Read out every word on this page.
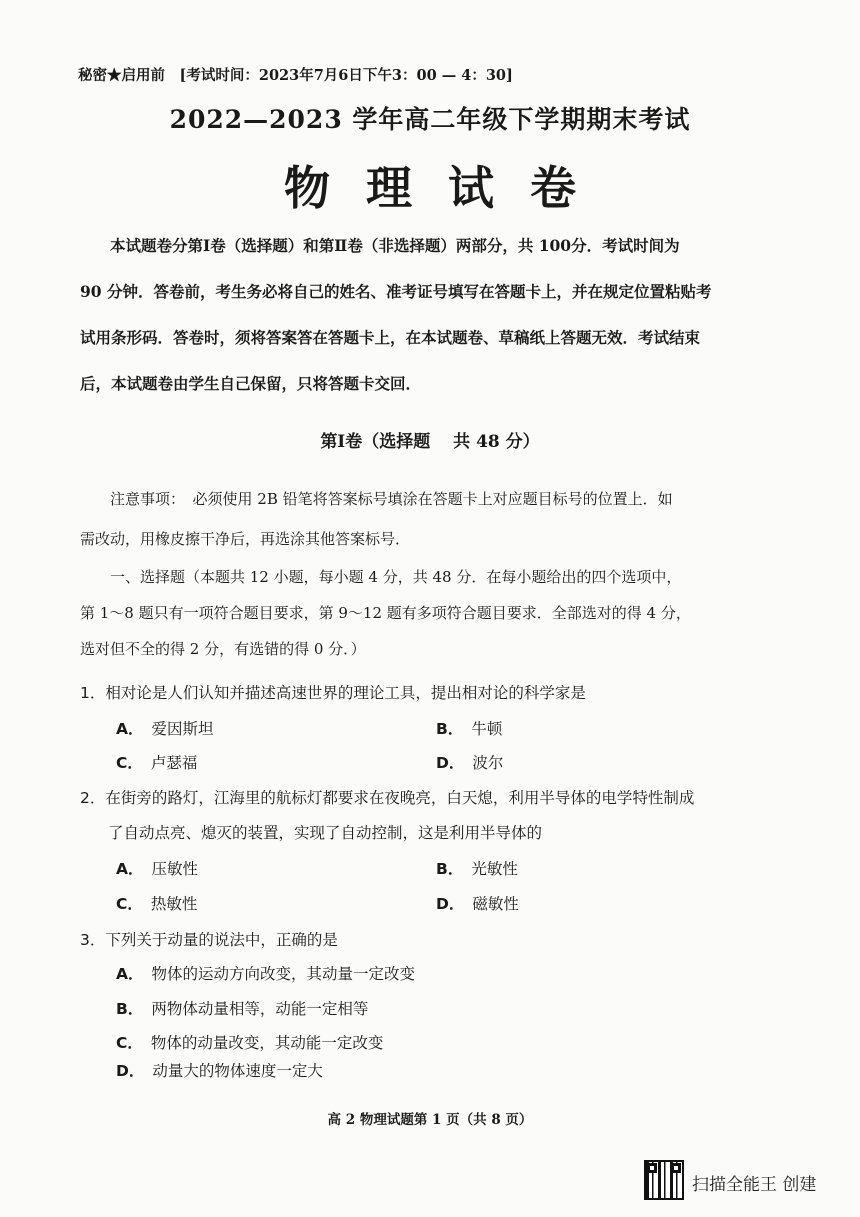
秘密★启用前　[考试时间：2023年7月6日下午3：00 — 4：30]
2022—2023 学年高二年级下学期期末考试
物理试卷

本试题卷分第Ⅰ卷（选择题）和第Ⅱ卷（非选择题）两部分，共 100分．考试时间为

90 分钟．答卷前，考生务必将自己的姓名、准考证号填写在答题卡上，并在规定位置粘贴考

试用条形码．答卷时，须将答案答在答题卡上，在本试题卷、草稿纸上答题无效．考试结束

后，本试题卷由学生自己保留，只将答题卡交回．

第Ⅰ卷（选择题　 共 48 分）
注意事项：　必须使用 2B 铅笔将答案标号填涂在答题卡上对应题目标号的位置上．如
需改动，用橡皮擦干净后，再选涂其他答案标号．
一、选择题（本题共 12 小题，每小题 4 分，共 48 分．在每小题给出的四个选项中，
第 1～8 题只有一项符合题目要求，第 9～12 题有多项符合题目要求．全部选对的得 4 分，
选对但不全的得 2 分，有选错的得 0 分．）
1．相对论是人们认知并描述高速世界的理论工具，提出相对论的科学家是
A． 爱因斯坦	B． 牛顿
C． 卢瑟福	D． 波尔
2．在街旁的路灯，江海里的航标灯都要求在夜晚亮，白天熄，利用半导体的电学特性制成
了自动点亮、熄灭的装置，实现了自动控制，这是利用半导体的
A． 压敏性	B． 光敏性
C． 热敏性	D． 磁敏性
3．下列关于动量的说法中，正确的是
A． 物体的运动方向改变，其动量一定改变
B． 两物体动量相等，动能一定相等
C． 物体的动量改变，其动能一定改变
D． 动量大的物体速度一定大
高 2 物理试题第 1 页（共 8 页）
扫描全能王 创建
